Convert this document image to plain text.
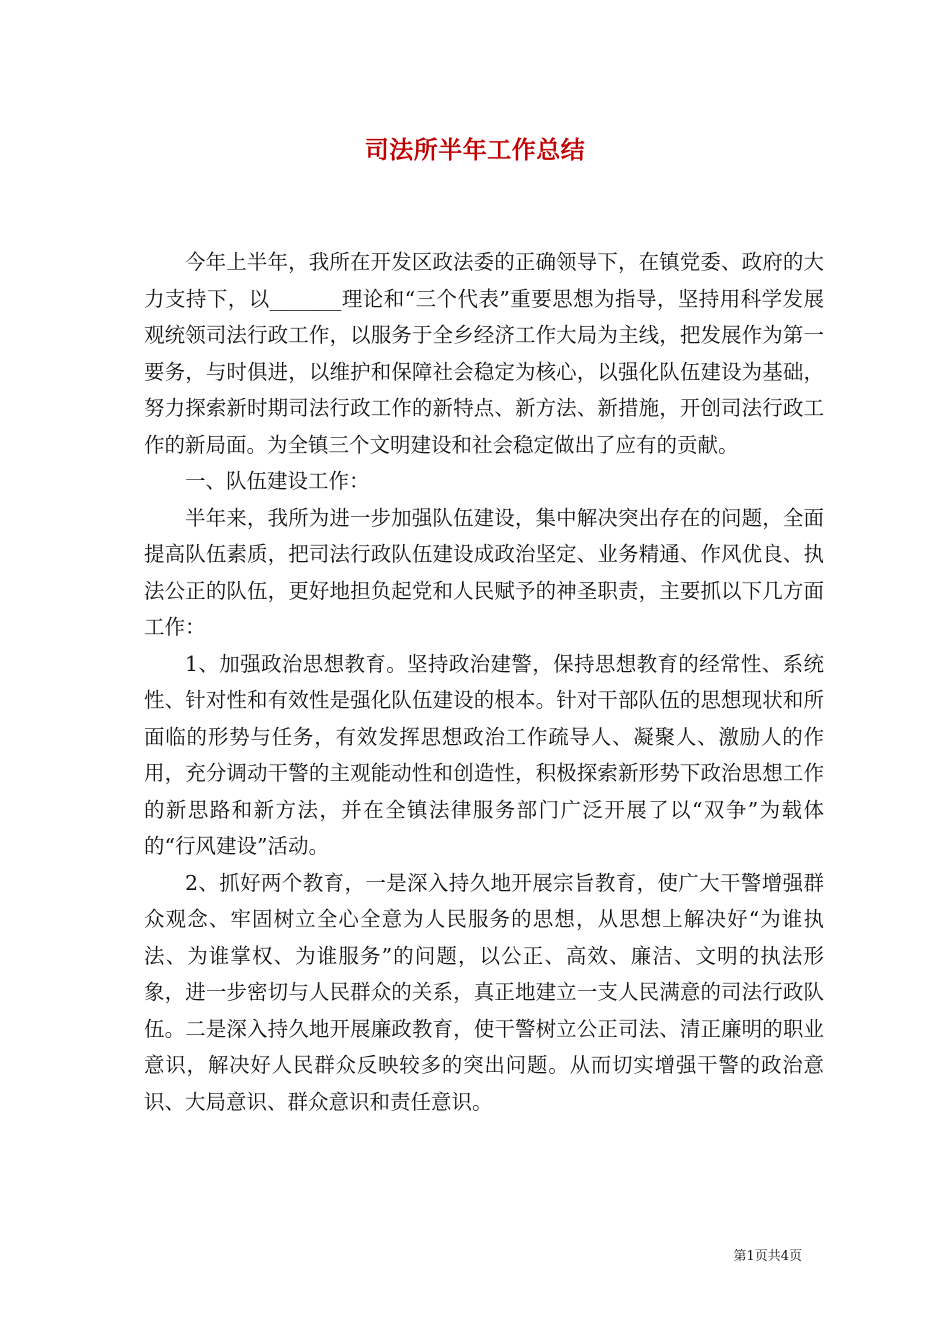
司法所半年工作总结

今年上半年，我所在开发区政法委的正确领导下，在镇党委、政府的大力支持下，以_______理论和“三个代表”重要思想为指导，坚持用科学发展观统领司法行政工作，以服务于全乡经济工作大局为主线，把发展作为第一要务，与时俱进，以维护和保障社会稳定为核心，以强化队伍建设为基础，努力探索新时期司法行政工作的新特点、新方法、新措施，开创司法行政工作的新局面。为全镇三个文明建设和社会稳定做出了应有的贡献。

一、队伍建设工作：

半年来，我所为进一步加强队伍建设，集中解决突出存在的问题，全面提高队伍素质，把司法行政队伍建设成政治坚定、业务精通、作风优良、执法公正的队伍，更好地担负起党和人民赋予的神圣职责，主要抓以下几方面工作：

1、加强政治思想教育。坚持政治建警，保持思想教育的经常性、系统性、针对性和有效性是强化队伍建设的根本。针对干部队伍的思想现状和所面临的形势与任务，有效发挥思想政治工作疏导人、凝聚人、激励人的作用，充分调动干警的主观能动性和创造性，积极探索新形势下政治思想工作的新思路和新方法，并在全镇法律服务部门广泛开展了以“双争”为载体的“行风建设”活动。

2、抓好两个教育，一是深入持久地开展宗旨教育，使广大干警增强群众观念、牢固树立全心全意为人民服务的思想，从思想上解决好“为谁执法、为谁掌权、为谁服务”的问题，以公正、高效、廉洁、文明的执法形象，进一步密切与人民群众的关系，真正地建立一支人民满意的司法行政队伍。二是深入持久地开展廉政教育，使干警树立公正司法、清正廉明的职业意识，解决好人民群众反映较多的突出问题。从而切实增强干警的政治意识、大局意识、群众意识和责任意识。

第1页共4页
